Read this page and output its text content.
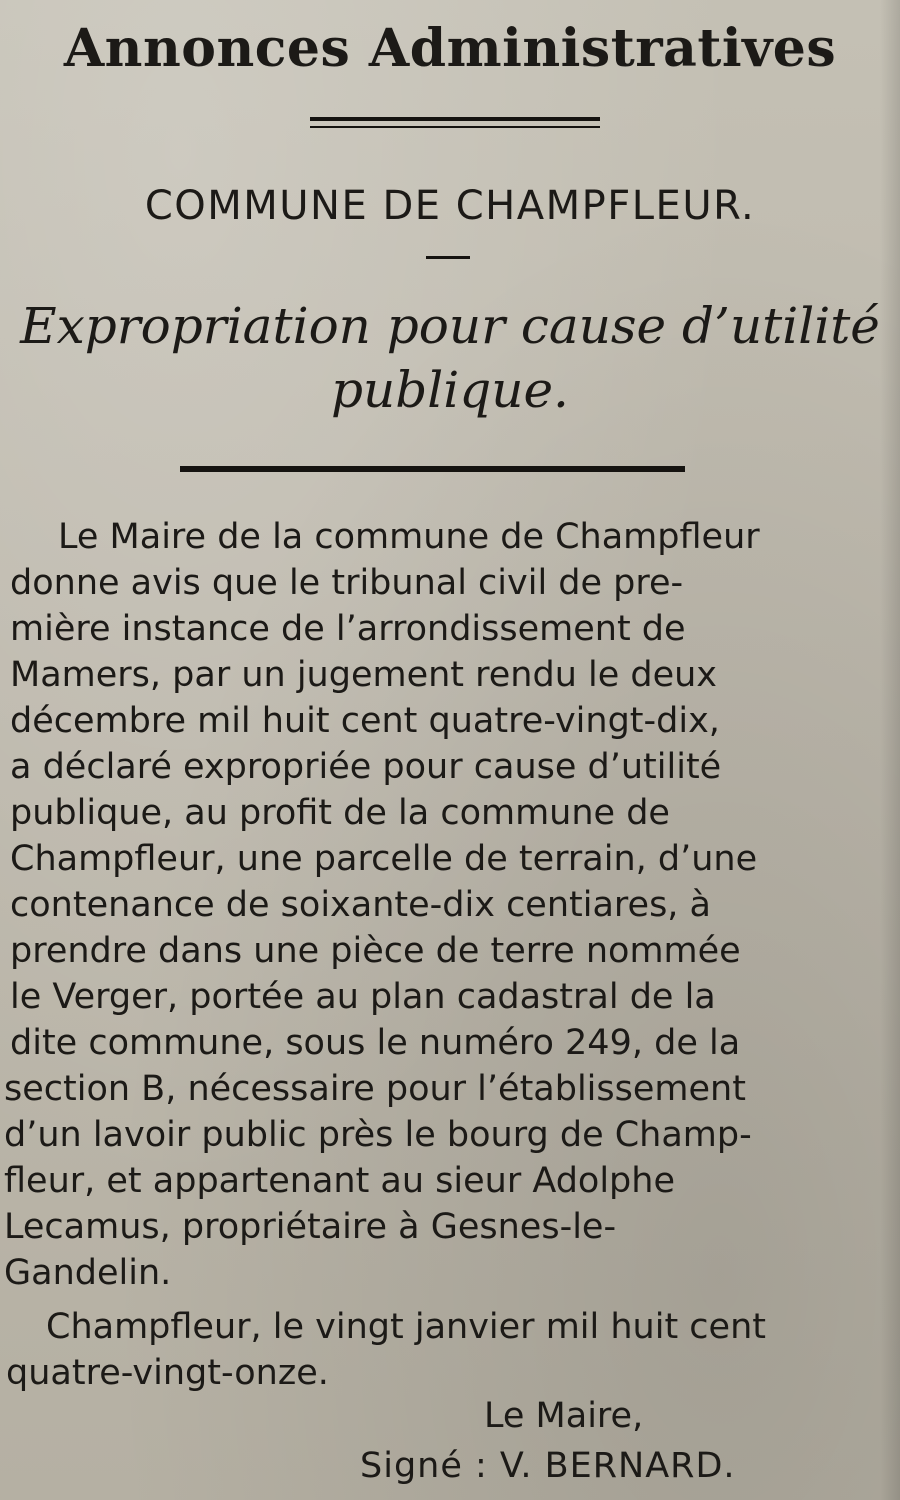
Annonces Administratives
COMMUNE DE CHAMPFLEUR.
Expropriation pour cause d’utilité
publique.
Le Maire de la commune de Champfleur
donne avis que le tribunal civil de pre-
mière instance de l’arrondissement de
Mamers, par un jugement rendu le deux
décembre mil huit cent quatre-vingt-dix,
a déclaré expropriée pour cause d’utilité
publique, au profit de la commune de
Champfleur, une parcelle de terrain, d’une
contenance de soixante-dix centiares, à
prendre dans une pièce de terre nommée
le Verger, portée au plan cadastral de la
dite commune, sous le numéro 249, de la
section B, nécessaire pour l’établissement
d’un lavoir public près le bourg de Champ-
fleur, et appartenant au sieur Adolphe
Lecamus, propriétaire à Gesnes-le-
Gandelin.
Champfleur, le vingt janvier mil huit cent
quatre-vingt-onze.
Le Maire,
Signé : V. BERNARD.
